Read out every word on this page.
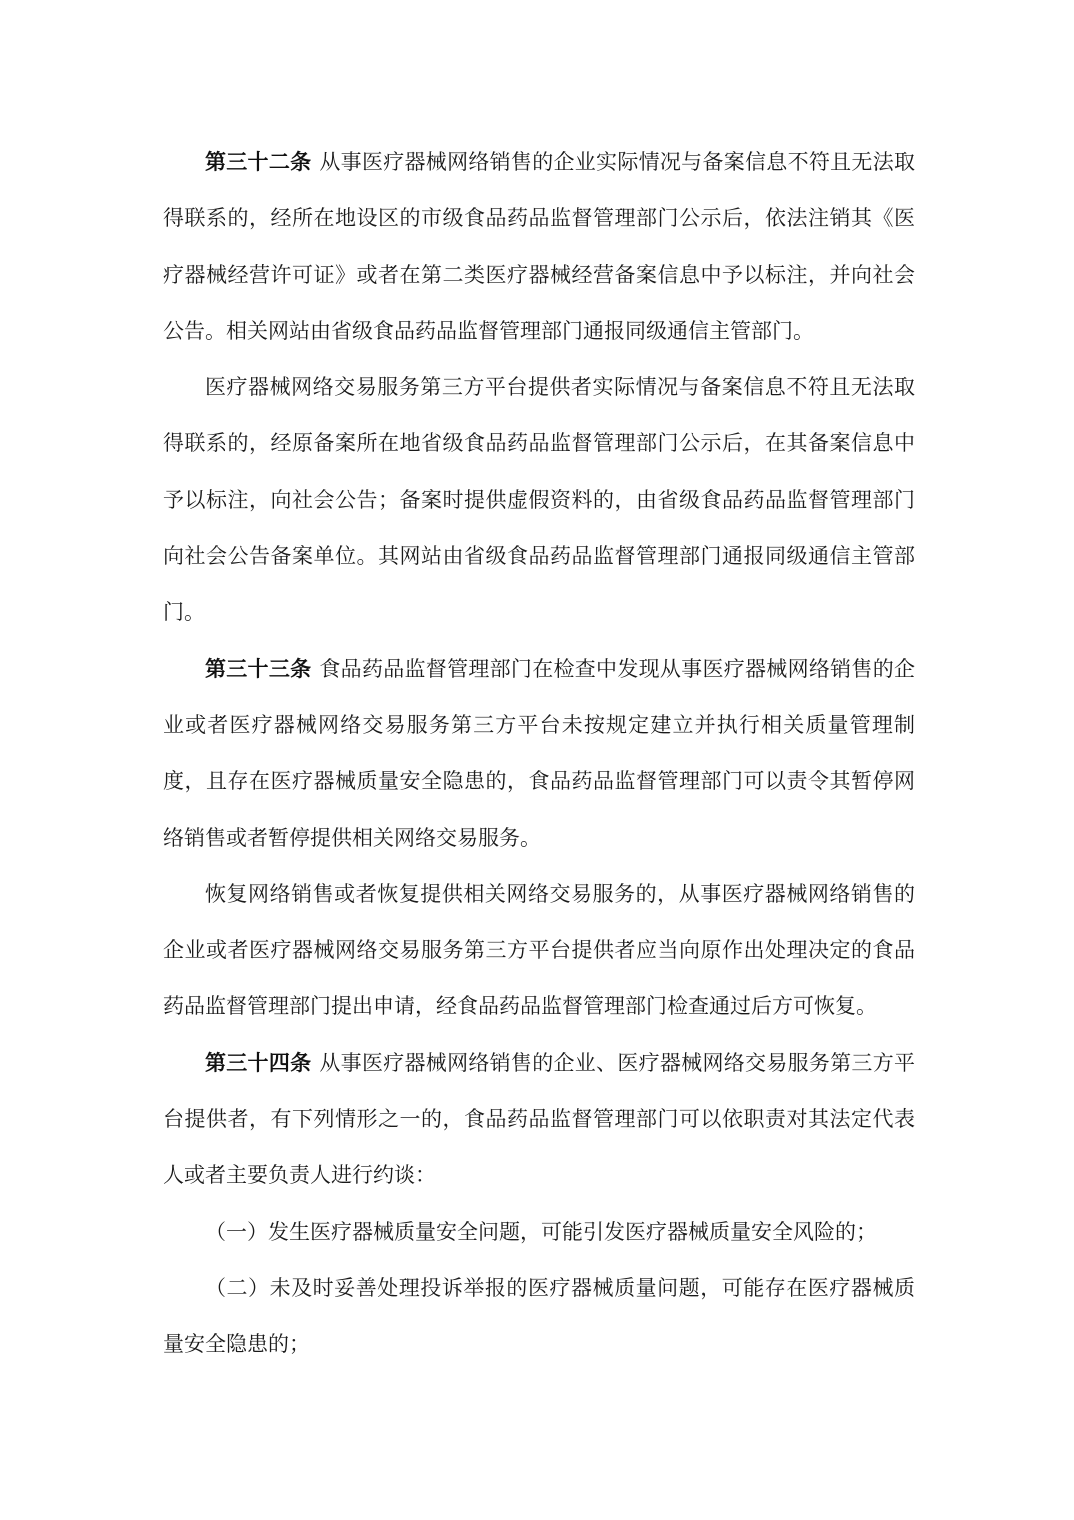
第三十二条 从事医疗器械网络销售的企业实际情况与备案信息不符且无法取得联系的，经所在地设区的市级食品药品监督管理部门公示后，依法注销其《医疗器械经营许可证》或者在第二类医疗器械经营备案信息中予以标注，并向社会公告。相关网站由省级食品药品监督管理部门通报同级通信主管部门。

医疗器械网络交易服务第三方平台提供者实际情况与备案信息不符且无法取得联系的，经原备案所在地省级食品药品监督管理部门公示后，在其备案信息中予以标注，向社会公告；备案时提供虚假资料的，由省级食品药品监督管理部门向社会公告备案单位。其网站由省级食品药品监督管理部门通报同级通信主管部门。

第三十三条 食品药品监督管理部门在检查中发现从事医疗器械网络销售的企业或者医疗器械网络交易服务第三方平台未按规定建立并执行相关质量管理制度，且存在医疗器械质量安全隐患的，食品药品监督管理部门可以责令其暂停网络销售或者暂停提供相关网络交易服务。

恢复网络销售或者恢复提供相关网络交易服务的，从事医疗器械网络销售的企业或者医疗器械网络交易服务第三方平台提供者应当向原作出处理决定的食品药品监督管理部门提出申请，经食品药品监督管理部门检查通过后方可恢复。

第三十四条 从事医疗器械网络销售的企业、医疗器械网络交易服务第三方平台提供者，有下列情形之一的，食品药品监督管理部门可以依职责对其法定代表人或者主要负责人进行约谈：

（一）发生医疗器械质量安全问题，可能引发医疗器械质量安全风险的；

（二）未及时妥善处理投诉举报的医疗器械质量问题，可能存在医疗器械质量安全隐患的；
